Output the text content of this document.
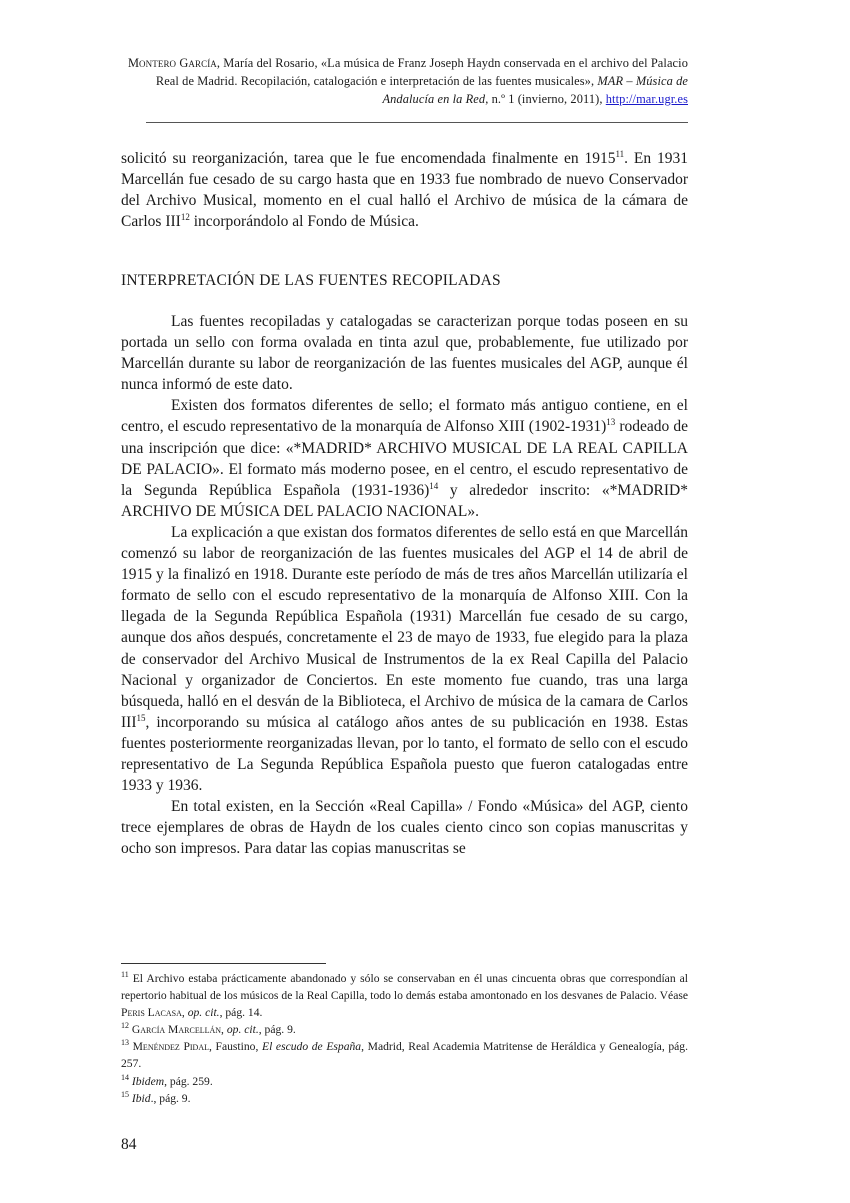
Montero García, María del Rosario, «La música de Franz Joseph Haydn conservada en el archivo del Palacio Real de Madrid. Recopilación, catalogación e interpretación de las fuentes musicales», MAR – Música de Andalucía en la Red, n.º 1 (invierno, 2011), http://mar.ugr.es

solicitó su reorganización, tarea que le fue encomendada finalmente en 1915$^{11}$. En 1931 Marcellán fue cesado de su cargo hasta que en 1933 fue nombrado de nuevo Conservador del Archivo Musical, momento en el cual halló el Archivo de música de la cámara de Carlos III$^{12}$ incorporándolo al Fondo de Música.

INTERPRETACIÓN DE LAS FUENTES RECOPILADAS

Las fuentes recopiladas y catalogadas se caracterizan porque todas poseen en su portada un sello con forma ovalada en tinta azul que, probablemente, fue utilizado por Marcellán durante su labor de reorganización de las fuentes musicales del AGP, aunque él nunca informó de este dato.

Existen dos formatos diferentes de sello; el formato más antiguo contiene, en el centro, el escudo representativo de la monarquía de Alfonso XIII (1902-1931)$^{13}$ rodeado de una inscripción que dice: «*MADRID* ARCHIVO MUSICAL DE LA REAL CAPILLA DE PALACIO». El formato más moderno posee, en el centro, el escudo representativo de la Segunda República Española (1931-1936)$^{14}$ y alrededor inscrito: «*MADRID* ARCHIVO DE MÚSICA DEL PALACIO NACIONAL».

La explicación a que existan dos formatos diferentes de sello está en que Marcellán comenzó su labor de reorganización de las fuentes musicales del AGP el 14 de abril de 1915 y la finalizó en 1918. Durante este período de más de tres años Marcellán utilizaría el formato de sello con el escudo representativo de la monarquía de Alfonso XIII. Con la llegada de la Segunda República Española (1931) Marcellán fue cesado de su cargo, aunque dos años después, concretamente el 23 de mayo de 1933, fue elegido para la plaza de conservador del Archivo Musical de Instrumentos de la ex Real Capilla del Palacio Nacional y organizador de Conciertos. En este momento fue cuando, tras una larga búsqueda, halló en el desván de la Biblioteca, el Archivo de música de la camara de Carlos III$^{15}$, incorporando su música al catálogo años antes de su publicación en 1938. Estas fuentes posteriormente reorganizadas llevan, por lo tanto, el formato de sello con el escudo representativo de La Segunda República Española puesto que fueron catalogadas entre 1933 y 1936.

En total existen, en la Sección «Real Capilla» / Fondo «Música» del AGP, ciento trece ejemplares de obras de Haydn de los cuales ciento cinco son copias manuscritas y ocho son impresos. Para datar las copias manuscritas se

$^{11}$ El Archivo estaba prácticamente abandonado y sólo se conservaban en él unas cincuenta obras que correspondían al repertorio habitual de los músicos de la Real Capilla, todo lo demás estaba amontonado en los desvanes de Palacio. Véase Peris Lacasa, op. cit., pág. 14.

$^{12}$ García Marcellán, op. cit., pág. 9.

$^{13}$ Menéndez Pidal, Faustino, El escudo de España, Madrid, Real Academia Matritense de Heráldica y Genealogía, pág. 257.

$^{14}$ Ibidem, pág. 259.

$^{15}$ Ibid., pág. 9.

84
